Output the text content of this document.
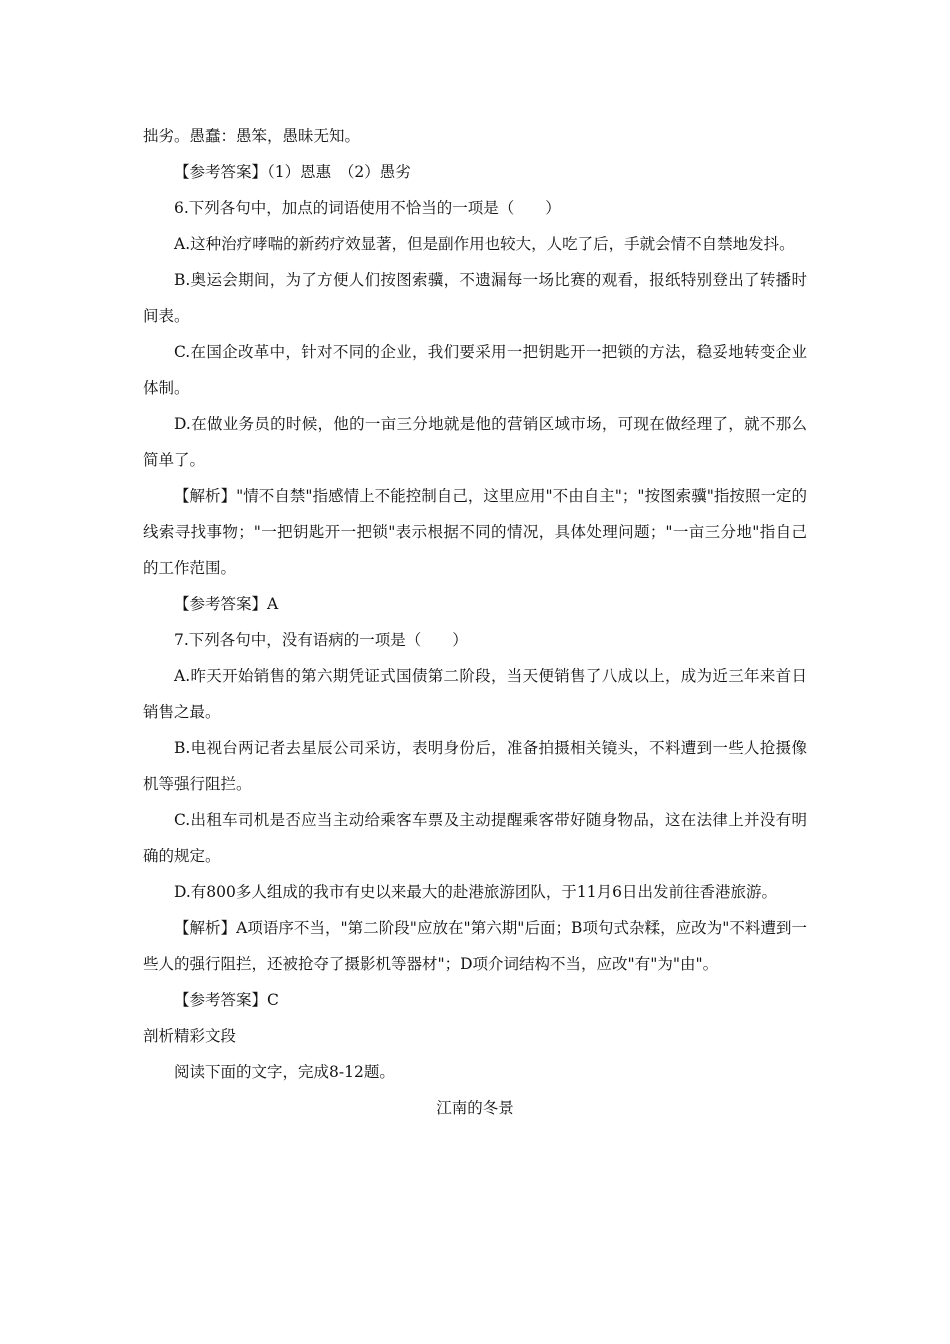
拙劣。愚蠢：愚笨，愚昧无知。

【参考答案】（1）恩惠　（2）愚劣

6.下列各句中，加点的词语使用不恰当的一项是（　　）

A.这种治疗哮喘的新药疗效显著，但是副作用也较大，人吃了后，手就会情不自禁地发抖。

B.奥运会期间，为了方便人们按图索骥，不遗漏每一场比赛的观看，报纸特别登出了转播时间表。

C.在国企改革中，针对不同的企业，我们要采用一把钥匙开一把锁的方法，稳妥地转变企业体制。

D.在做业务员的时候，他的一亩三分地就是他的营销区域市场，可现在做经理了，就不那么简单了。

【解析】"情不自禁"指感情上不能控制自己，这里应用"不由自主"；"按图索骥"指按照一定的线索寻找事物；"一把钥匙开一把锁"表示根据不同的情况，具体处理问题；"一亩三分地"指自己的工作范围。

【参考答案】A

7.下列各句中，没有语病的一项是（　　）

A.昨天开始销售的第六期凭证式国债第二阶段，当天便销售了八成以上，成为近三年来首日销售之最。

B.电视台两记者去星辰公司采访，表明身份后，准备拍摄相关镜头，不料遭到一些人抢摄像机等强行阻拦。

C.出租车司机是否应当主动给乘客车票及主动提醒乘客带好随身物品，这在法律上并没有明确的规定。

D.有800多人组成的我市有史以来最大的赴港旅游团队，于11月6日出发前往香港旅游。

【解析】A项语序不当，"第二阶段"应放在"第六期"后面；B项句式杂糅，应改为"不料遭到一些人的强行阻拦，还被抢夺了摄影机等器材"；D项介词结构不当，应改"有"为"由"。

【参考答案】C

剖析精彩文段

阅读下面的文字，完成8-12题。

江南的冬景
